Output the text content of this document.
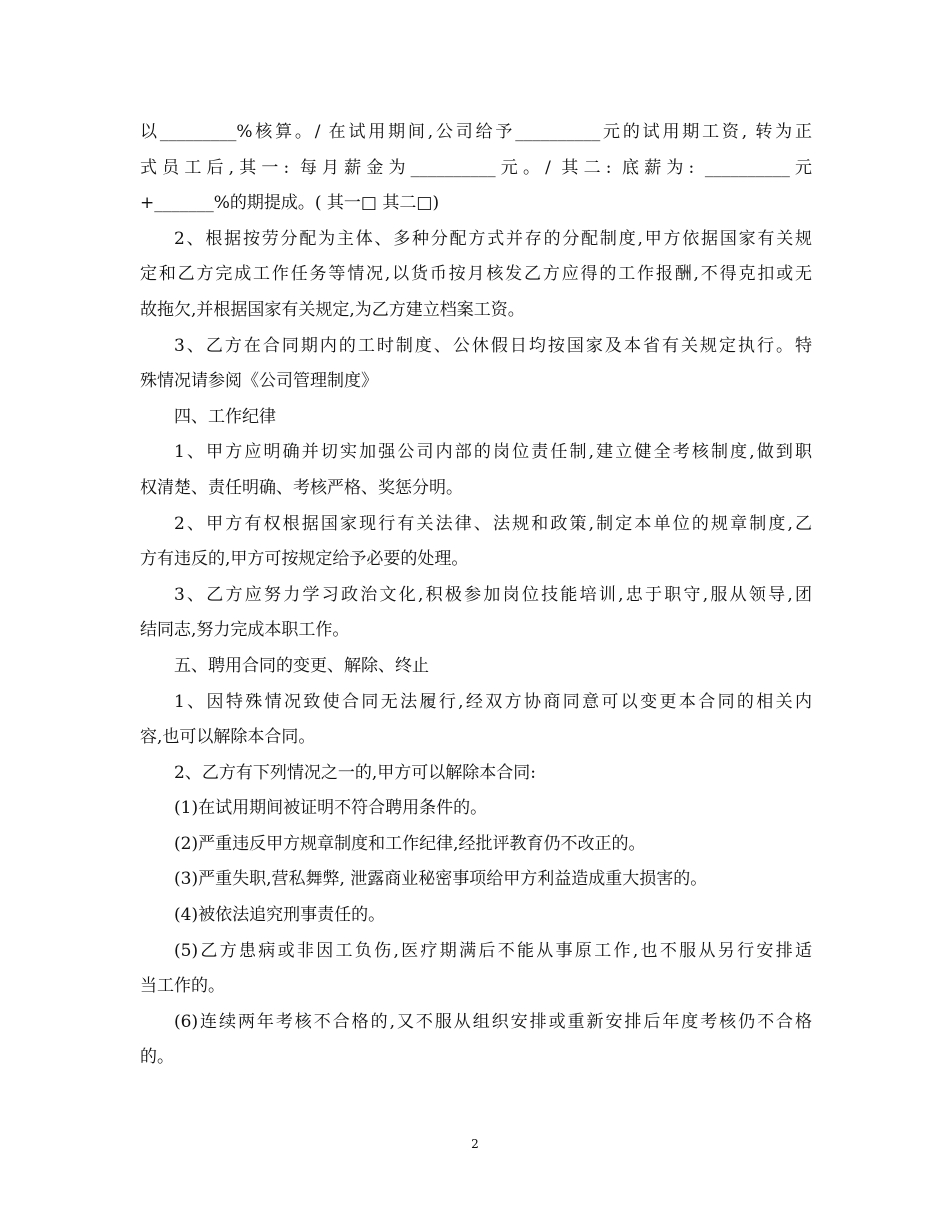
以_________%核算。/ 在试用期间,公司给予__________元的试用期工资, 转为正
式员工后,其一: 每月薪金为__________元。/ 其二: 底薪为: __________元
+_______%的期提成。( 其一□ 其二□)
2、根据按劳分配为主体、多种分配方式并存的分配制度,甲方依据国家有关规
定和乙方完成工作任务等情况,以货币按月核发乙方应得的工作报酬,不得克扣或无
故拖欠,并根据国家有关规定,为乙方建立档案工资。
3、乙方在合同期内的工时制度、公休假日均按国家及本省有关规定执行。特
殊情况请参阅《公司管理制度》
四、工作纪律
1、甲方应明确并切实加强公司内部的岗位责任制,建立健全考核制度,做到职
权清楚、责任明确、考核严格、奖惩分明。
2、甲方有权根据国家现行有关法律、法规和政策,制定本单位的规章制度,乙
方有违反的,甲方可按规定给予必要的处理。
3、乙方应努力学习政治文化,积极参加岗位技能培训,忠于职守,服从领导,团
结同志,努力完成本职工作。
五、聘用合同的变更、解除、终止
1、因特殊情况致使合同无法履行,经双方协商同意可以变更本合同的相关内
容,也可以解除本合同。
2、乙方有下列情况之一的,甲方可以解除本合同:
(1)在试用期间被证明不符合聘用条件的。
(2)严重违反甲方规章制度和工作纪律,经批评教育仍不改正的。
(3)严重失职,营私舞弊, 泄露商业秘密事项给甲方利益造成重大损害的。
(4)被依法追究刑事责任的。
(5)乙方患病或非因工负伤,医疗期满后不能从事原工作,也不服从另行安排适
当工作的。
(6)连续两年考核不合格的,又不服从组织安排或重新安排后年度考核仍不合格
的。
2
